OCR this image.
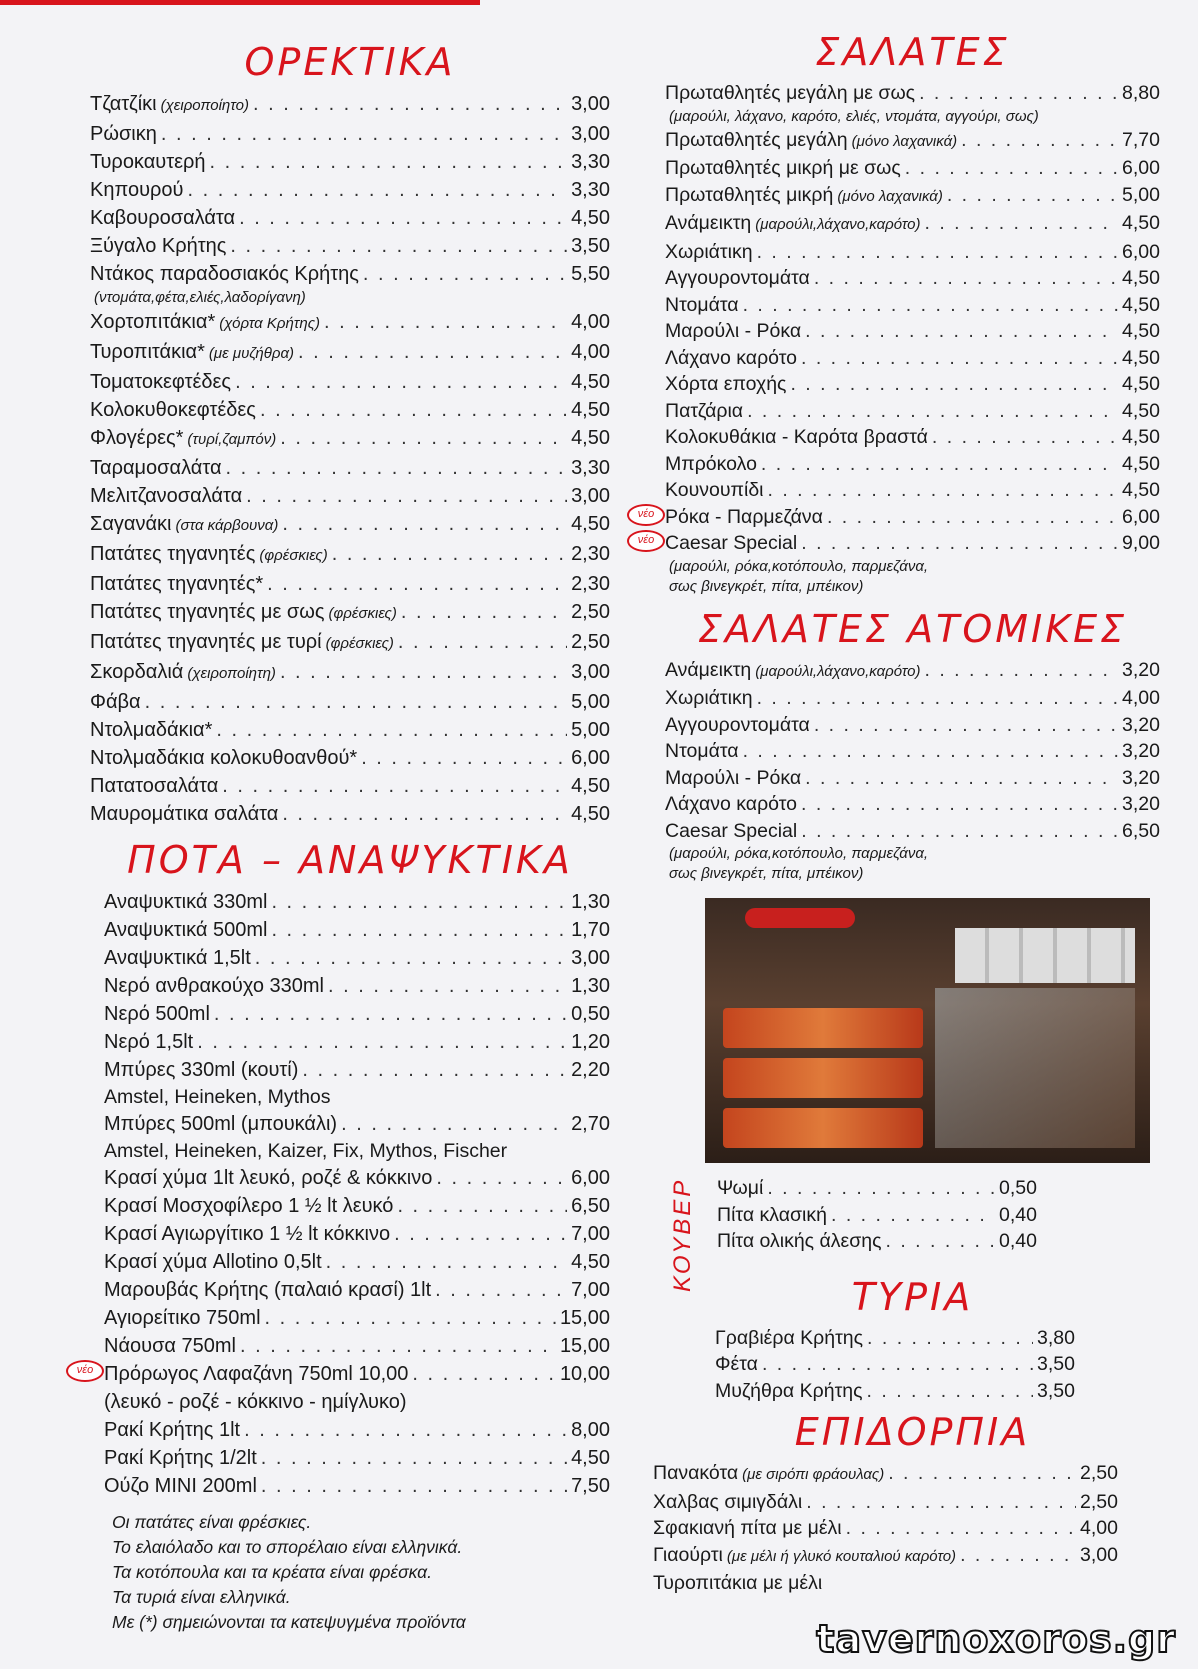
ΟΡΕΚΤΙΚΑ
Τζατζίκι (χειροποίητο) . . .	3,00
Ρώσικη . . .	3,00
Τυροκαυτερή . . .	3,30
Κηπουρού . . .	3,30
Καβουροσαλάτα . . .	4,50
Ξύγαλο Κρήτης . . .	3,50
Ντάκος παραδοσιακός Κρήτης . . .	5,50
(ντομάτα,φέτα,ελιές,λαδορίγανη)
Χορτοπιτάκια* (χόρτα Κρήτης) . . .	4,00
Τυροπιτάκια* (με μυζήθρα) . . .	4,00
Τοματοκεφτέδες . . .	4,50
Κολοκυθοκεφτέδες . . .	4,50
Φλογέρες* (τυρί,ζαμπόν) . . .	4,50
Ταραμοσαλάτα . . .	3,30
Μελιτζανοσαλάτα . . .	3,00
Σαγανάκι (στα κάρβουνα) . . .	4,50
Πατάτες τηγανητές (φρέσκιες) . . .	2,30
Πατάτες τηγανητές* . . .	2,30
Πατάτες τηγανητές με σως (φρέσκιες) . . .	2,50
Πατάτες τηγανητές με τυρί (φρέσκιες) . . .	2,50
Σκορδαλιά (χειροποίητη) . . .	3,00
Φάβα . . .	5,00
Ντολμαδάκια* . . .	5,00
Ντολμαδάκια κολοκυθοανθού* . . .	6,00
Πατατοσαλάτα . . .	4,50
Μαυρομάτικα σαλάτα . . .	4,50
ΠΟΤΑ – ΑΝΑΨΥΚΤΙΚΑ
Αναψυκτικά 330ml . . .	1,30
Αναψυκτικά 500ml . . .	1,70
Αναψυκτικά 1,5lt . . .	3,00
Νερό ανθρακούχο 330ml . . .	1,30
Νερό 500ml . . .	0,50
Νερό 1,5lt . . .	1,20
Μπύρες 330ml (κουτί) . . .	2,20
Amstel, Heineken, Mythos
Μπύρες 500ml (μπουκάλι) . . .	2,70
Amstel, Heineken, Kaizer, Fix, Mythos, Fischer
Κρασί χύμα 1lt λευκό, ροζέ & κόκκινο . . .	6,00
Κρασί Μοσχοφίλερο 1 ½ lt λευκό . . .	6,50
Κρασί Αγιωργίτικο 1 ½ lt κόκκινο . . .	7,00
Κρασί χύμα Allotino 0,5lt . . .	4,50
Μαρουβάς Κρήτης (παλαιό κρασί) 1lt . . .	7,00
Αγιορείτικο 750ml . . .	15,00
Νάουσα 750ml . . .	15,00
νέο Πρόρωγος Λαφαζάνη 750ml 10,00 . . .	10,00
(λευκό - ροζέ - κόκκινο - ημίγλυκο)
Ρακί Κρήτης 1lt . . .	8,00
Ρακί Κρήτης 1/2lt . . .	4,50
Ούζο MINI 200ml . . .	7,50
Οι πατάτες είναι φρέσκιες.
Το ελαιόλαδο και το σπορέλαιο είναι ελληνικά.
Τα κοτόπουλα και τα κρέατα είναι φρέσκα.
Τα τυριά είναι ελληνικά.
Με (*) σημειώνονται τα κατεψυγμένα προϊόντα
ΣΑΛΑΤΕΣ
Πρωταθλητές μεγάλη με σως . . .	8,80
(μαρούλι, λάχανο, καρότο, ελιές, ντομάτα, αγγούρι, σως)
Πρωταθλητές μεγάλη (μόνο λαχανικά) . . .	7,70
Πρωταθλητές μικρή με σως . . .	6,00
Πρωταθλητές μικρή (μόνο λαχανικά) . . .	5,00
Ανάμεικτη (μαρούλι,λάχανο,καρότο) . . .	4,50
Χωριάτικη . . .	6,00
Αγγουροντομάτα . . .	4,50
Ντομάτα . . .	4,50
Μαρούλι - Ρόκα . . .	4,50
Λάχανο καρότο . . .	4,50
Χόρτα εποχής . . .	4,50
Πατζάρια . . .	4,50
Κολοκυθάκια - Καρότα βραστά . . .	4,50
Μπρόκολο . . .	4,50
Κουνουπίδι . . .	4,50
νέο Ρόκα - Παρμεζάνα . . .	6,00
νέο Caesar Special . . .	9,00
(μαρούλι, ρόκα,κοτόπουλο, παρμεζάνα,
σως βινεγκρέτ, πίτα, μπέικον)
ΣΑΛΑΤΕΣ ΑΤΟΜΙΚΕΣ
Ανάμεικτη (μαρούλι,λάχανο,καρότο) . . .	3,20
Χωριάτικη . . .	4,00
Αγγουροντομάτα . . .	3,20
Ντομάτα . . .	3,20
Μαρούλι - Ρόκα . . .	3,20
Λάχανο καρότο . . .	3,20
Caesar Special . . .	6,50
(μαρούλι, ρόκα,κοτόπουλο, παρμεζάνα,
σως βινεγκρέτ, πίτα, μπέικον)
ΚΟΥΒΕΡ	Ψωμί . . .	0,50
Πίτα κλασική . . .	0,40
Πίτα ολικής άλεσης . . .	0,40
ΤΥΡΙΑ
Γραβιέρα Κρήτης . . .	3,80
Φέτα . . .	3,50
Μυζήθρα Κρήτης . . .	3,50
ΕΠΙΔΟΡΠΙΑ
Πανακότα (με σιρόπι φράουλας) . . .	2,50
Χαλβας σιμιγδάλι . . .	2,50
Σφακιανή πίτα με μέλι . . .	4,00
Γιαούρτι (με μέλι ή γλυκό κουταλιού καρότο) . . .	3,00
Τυροπιτάκια με μέλι
tavernoxoros.gr
